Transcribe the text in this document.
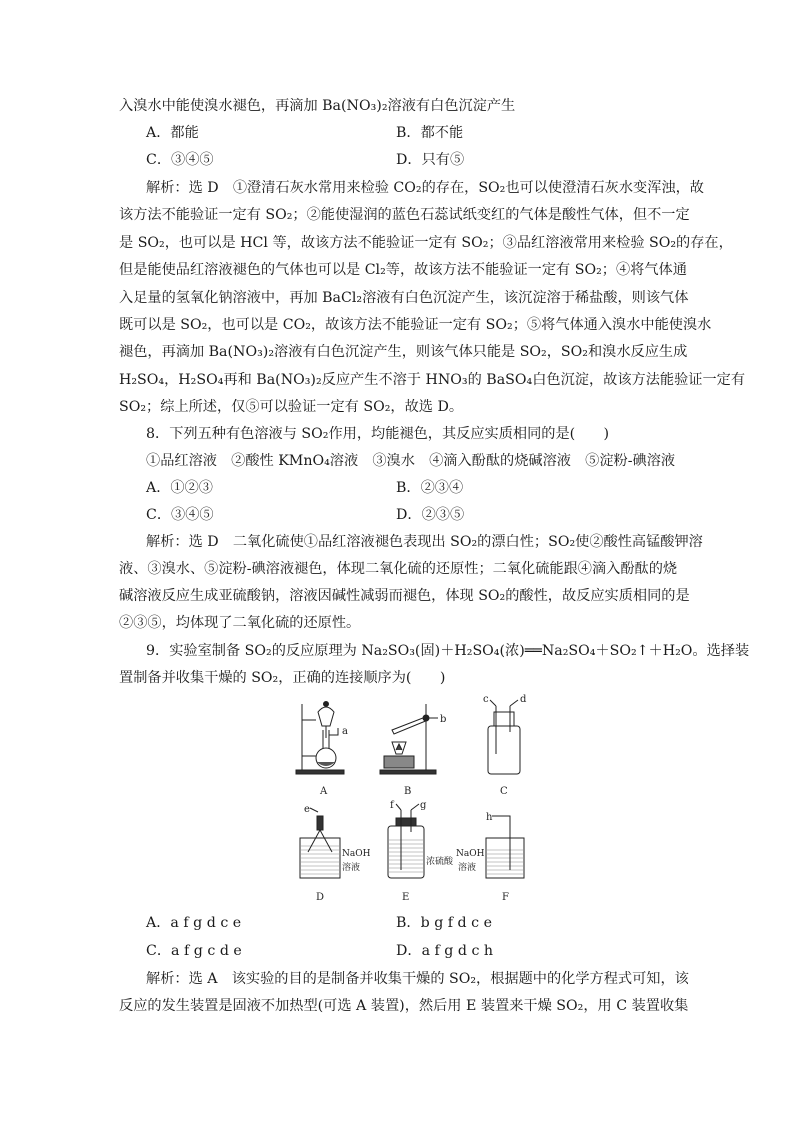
入溴水中能使溴水褪色，再滴加 Ba(NO₃)₂溶液有白色沉淀产生
A．都能	B．都不能
C．③④⑤	D．只有⑤
解析：选 D　①澄清石灰水常用来检验 CO₂的存在，SO₂也可以使澄清石灰水变浑浊，故
该方法不能验证一定有 SO₂；②能使湿润的蓝色石蕊试纸变红的气体是酸性气体，但不一定
是 SO₂，也可以是 HCl 等，故该方法不能验证一定有 SO₂；③品红溶液常用来检验 SO₂的存在，
但是能使品红溶液褪色的气体也可以是 Cl₂等，故该方法不能验证一定有 SO₂；④将气体通
入足量的氢氧化钠溶液中，再加 BaCl₂溶液有白色沉淀产生，该沉淀溶于稀盐酸，则该气体
既可以是 SO₂，也可以是 CO₂，故该方法不能验证一定有 SO₂；⑤将气体通入溴水中能使溴水
褪色，再滴加 Ba(NO₃)₂溶液有白色沉淀产生，则该气体只能是 SO₂，SO₂和溴水反应生成
H₂SO₄，H₂SO₄再和 Ba(NO₃)₂反应产生不溶于 HNO₃的 BaSO₄白色沉淀，故该方法能验证一定有
SO₂；综上所述，仅⑤可以验证一定有 SO₂，故选 D。
8．下列五种有色溶液与 SO₂作用，均能褪色，其反应实质相同的是(　　)
①品红溶液　②酸性 KMnO₄溶液　③溴水　④滴入酚酞的烧碱溶液　⑤淀粉-碘溶液
A．①②③	B．②③④
C．③④⑤	D．②③⑤
解析：选 D　二氧化硫使①品红溶液褪色表现出 SO₂的漂白性；SO₂使②酸性高锰酸钾溶
液、③溴水、⑤淀粉-碘溶液褪色，体现二氧化硫的还原性；二氧化硫能跟④滴入酚酞的烧
碱溶液反应生成亚硫酸钠，溶液因碱性减弱而褪色，体现 SO₂的酸性，故反应实质相同的是
②③⑤，均体现了二氧化硫的还原性。
9．实验室制备 SO₂的反应原理为 Na₂SO₃(固)＋H₂SO₄(浓)══Na₂SO₄＋SO₂↑＋H₂O。选择装
置制备并收集干燥的 SO₂，正确的连接顺序为(　　)
a
b
c	d
e	f	g
h
NaOH
溶液
浓硫酸
NaOH
溶液
A	B	C
D	E	F
A．a f g d c e	B．b g f d c e
C．a f g c d e	D．a f g d c h
解析：选 A　该实验的目的是制备并收集干燥的 SO₂，根据题中的化学方程式可知，该
反应的发生装置是固液不加热型(可选 A 装置)，然后用 E 装置来干燥 SO₂，用 C 装置收集
